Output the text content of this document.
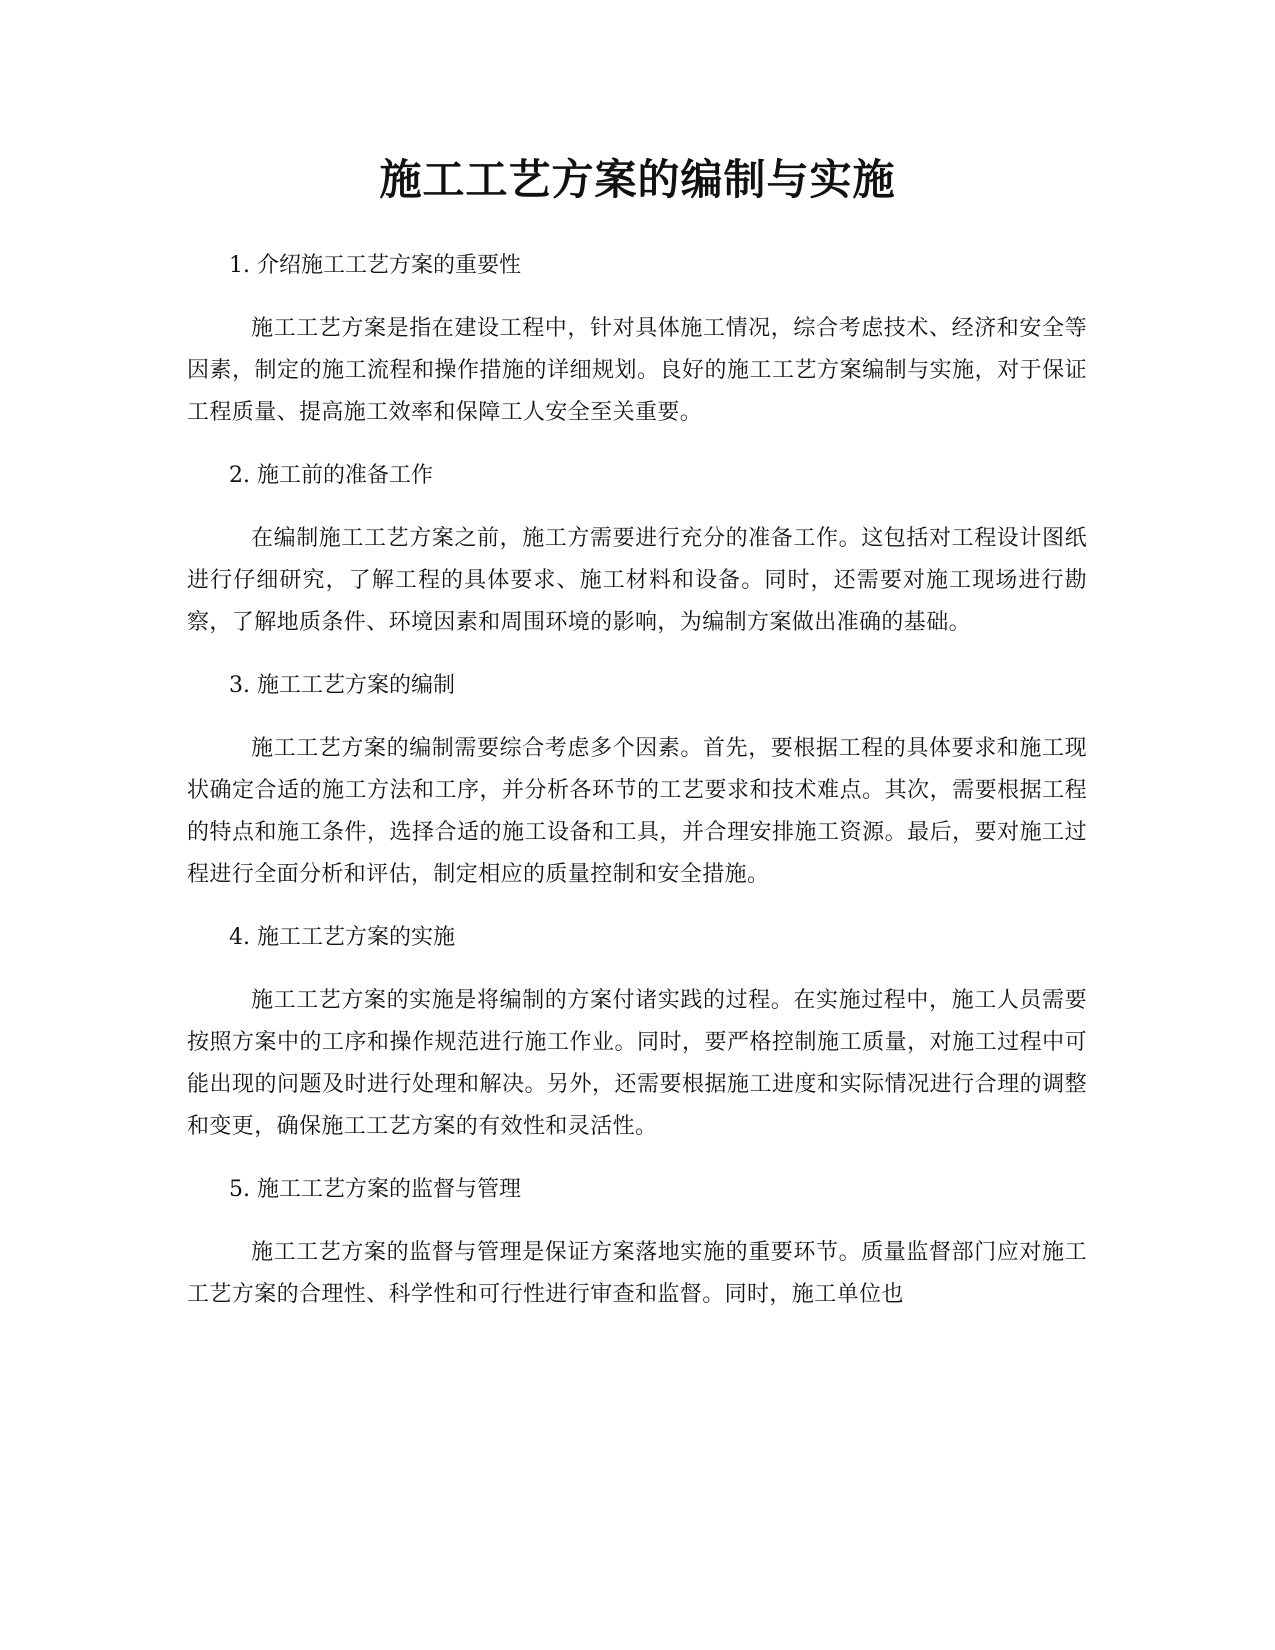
施工工艺方案的编制与实施

1. 介绍施工工艺方案的重要性

施工工艺方案是指在建设工程中，针对具体施工情况，综合考虑技术、经济和安全等因素，制定的施工流程和操作措施的详细规划。良好的施工工艺方案编制与实施，对于保证工程质量、提高施工效率和保障工人安全至关重要。

2. 施工前的准备工作

在编制施工工艺方案之前，施工方需要进行充分的准备工作。这包括对工程设计图纸进行仔细研究，了解工程的具体要求、施工材料和设备。同时，还需要对施工现场进行勘察，了解地质条件、环境因素和周围环境的影响，为编制方案做出准确的基础。

3. 施工工艺方案的编制

施工工艺方案的编制需要综合考虑多个因素。首先，要根据工程的具体要求和施工现状确定合适的施工方法和工序，并分析各环节的工艺要求和技术难点。其次，需要根据工程的特点和施工条件，选择合适的施工设备和工具，并合理安排施工资源。最后，要对施工过程进行全面分析和评估，制定相应的质量控制和安全措施。

4. 施工工艺方案的实施

施工工艺方案的实施是将编制的方案付诸实践的过程。在实施过程中，施工人员需要按照方案中的工序和操作规范进行施工作业。同时，要严格控制施工质量，对施工过程中可能出现的问题及时进行处理和解决。另外，还需要根据施工进度和实际情况进行合理的调整和变更，确保施工工艺方案的有效性和灵活性。

5. 施工工艺方案的监督与管理

施工工艺方案的监督与管理是保证方案落地实施的重要环节。质量监督部门应对施工工艺方案的合理性、科学性和可行性进行审查和监督。同时，施工单位也
